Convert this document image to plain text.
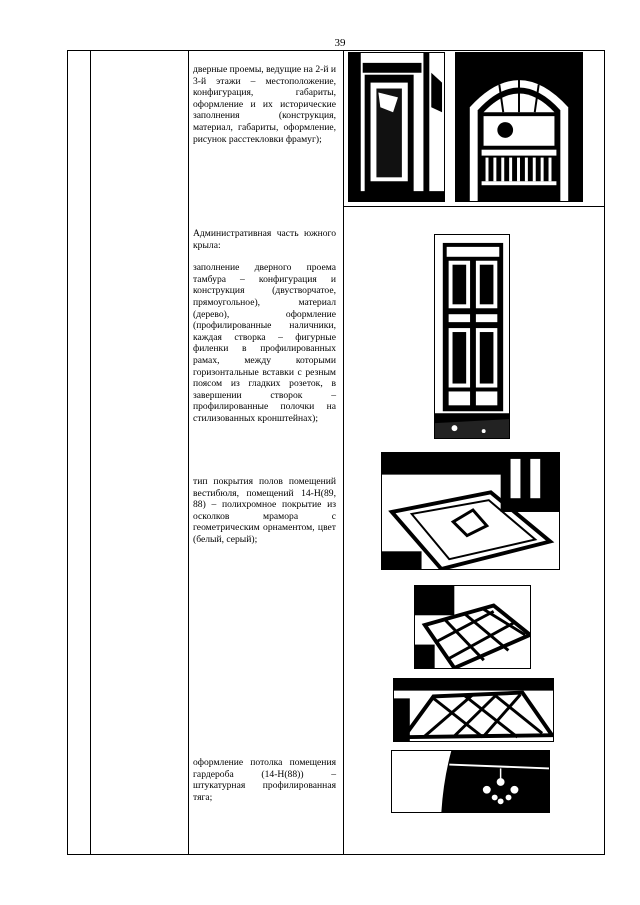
39

дверные проемы, ведущие на 2-й и 3-й этажи – местоположение, конфигурация, габариты, оформление и их исторические заполнения (конструкция, материал, габариты, оформление, рисунок расстекловки фрамуг);

Административная часть южного крыла:

заполнение дверного проема тамбура – конфигурация и конструкция (двустворчатое, прямоугольное), материал (дерево), оформление (профилированные наличники, каждая створка – фигурные филенки в профилированных рамах, между которыми горизонтальные вставки с резным поясом из гладких розеток, в завершении створок – профилированные полочки на стилизованных кронштейнах);

тип покрытия полов помещений вестибюля, помещений 14-Н(89, 88) – полихромное покрытие из осколков мрамора с геометрическим орнаментом, цвет (белый, серый);

оформление потолка помещения гардероба (14-Н(88)) – штукатурная профилированная тяга;
